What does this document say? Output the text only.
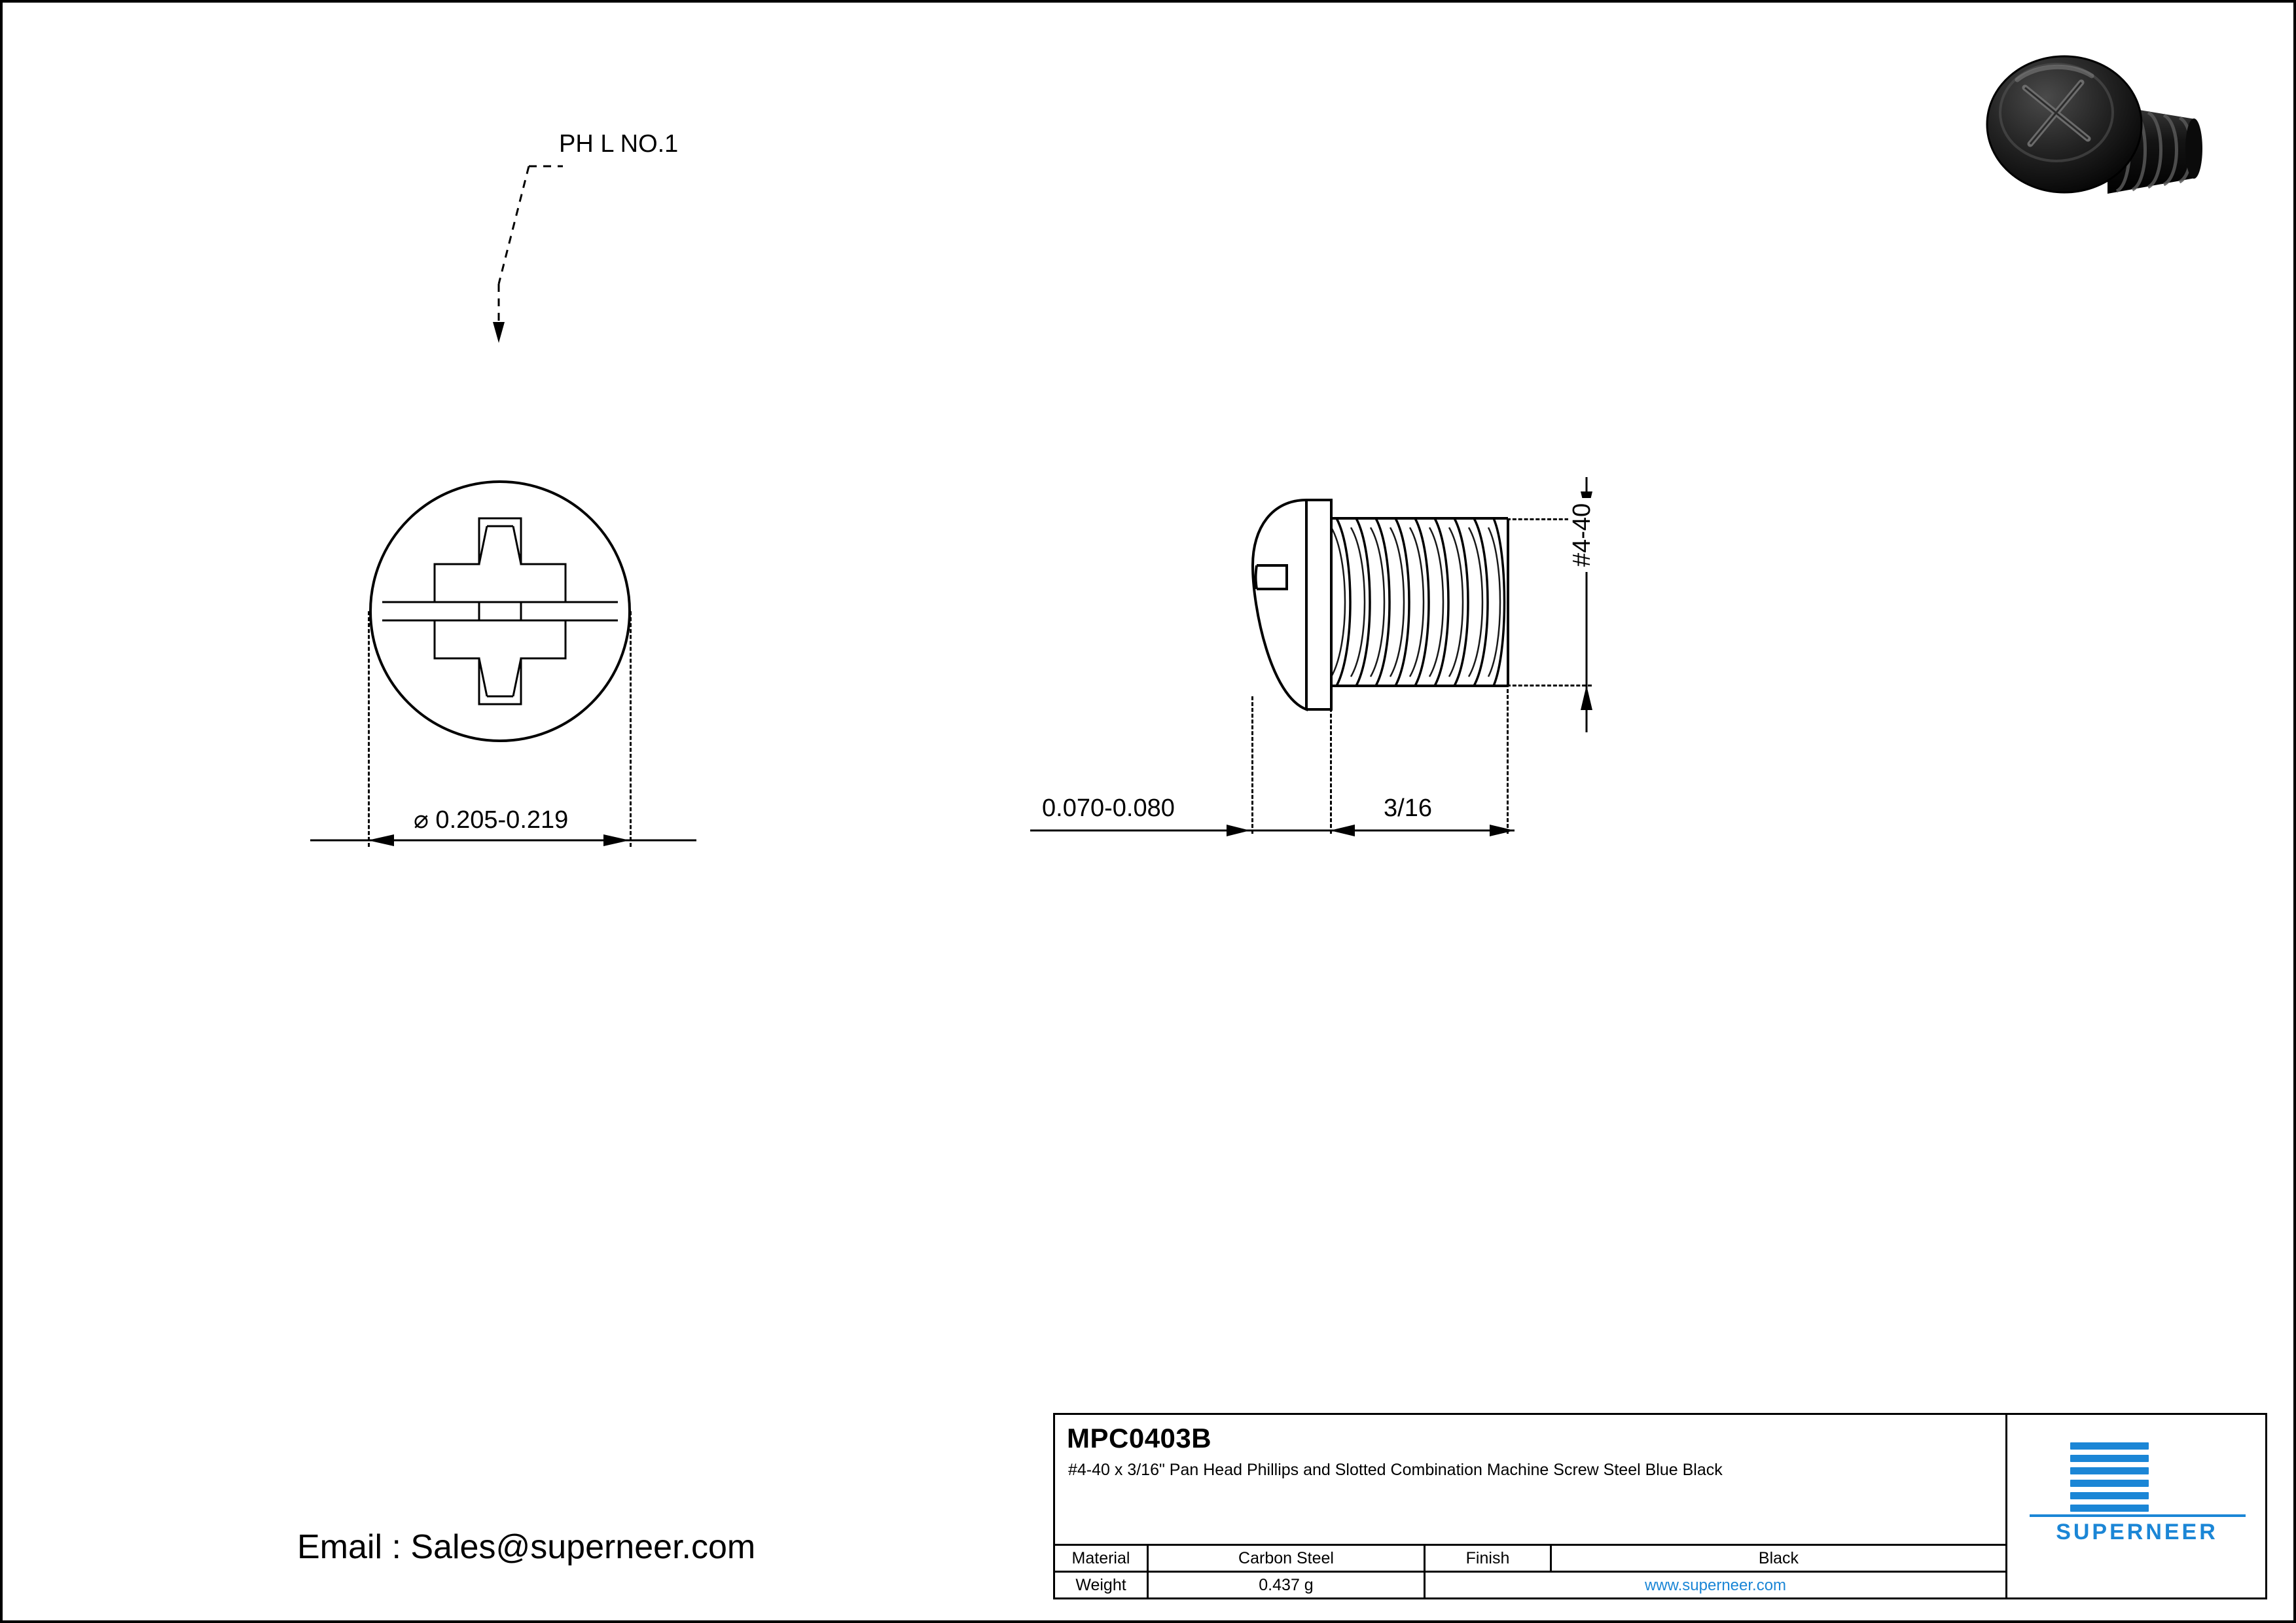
PH L NO.1
⌀ 0.205-0.219	0.070-0.080	3/16
#4-40
Email : Sales@superneer.com
MPC0403B
#4-40 x 3/16" Pan Head Phillips and Slotted Combination Machine Screw Steel Blue Black
Material	Carbon Steel	Finish	Black
Weight	0.437 g	www.superneer.com	
SUPERNEER
